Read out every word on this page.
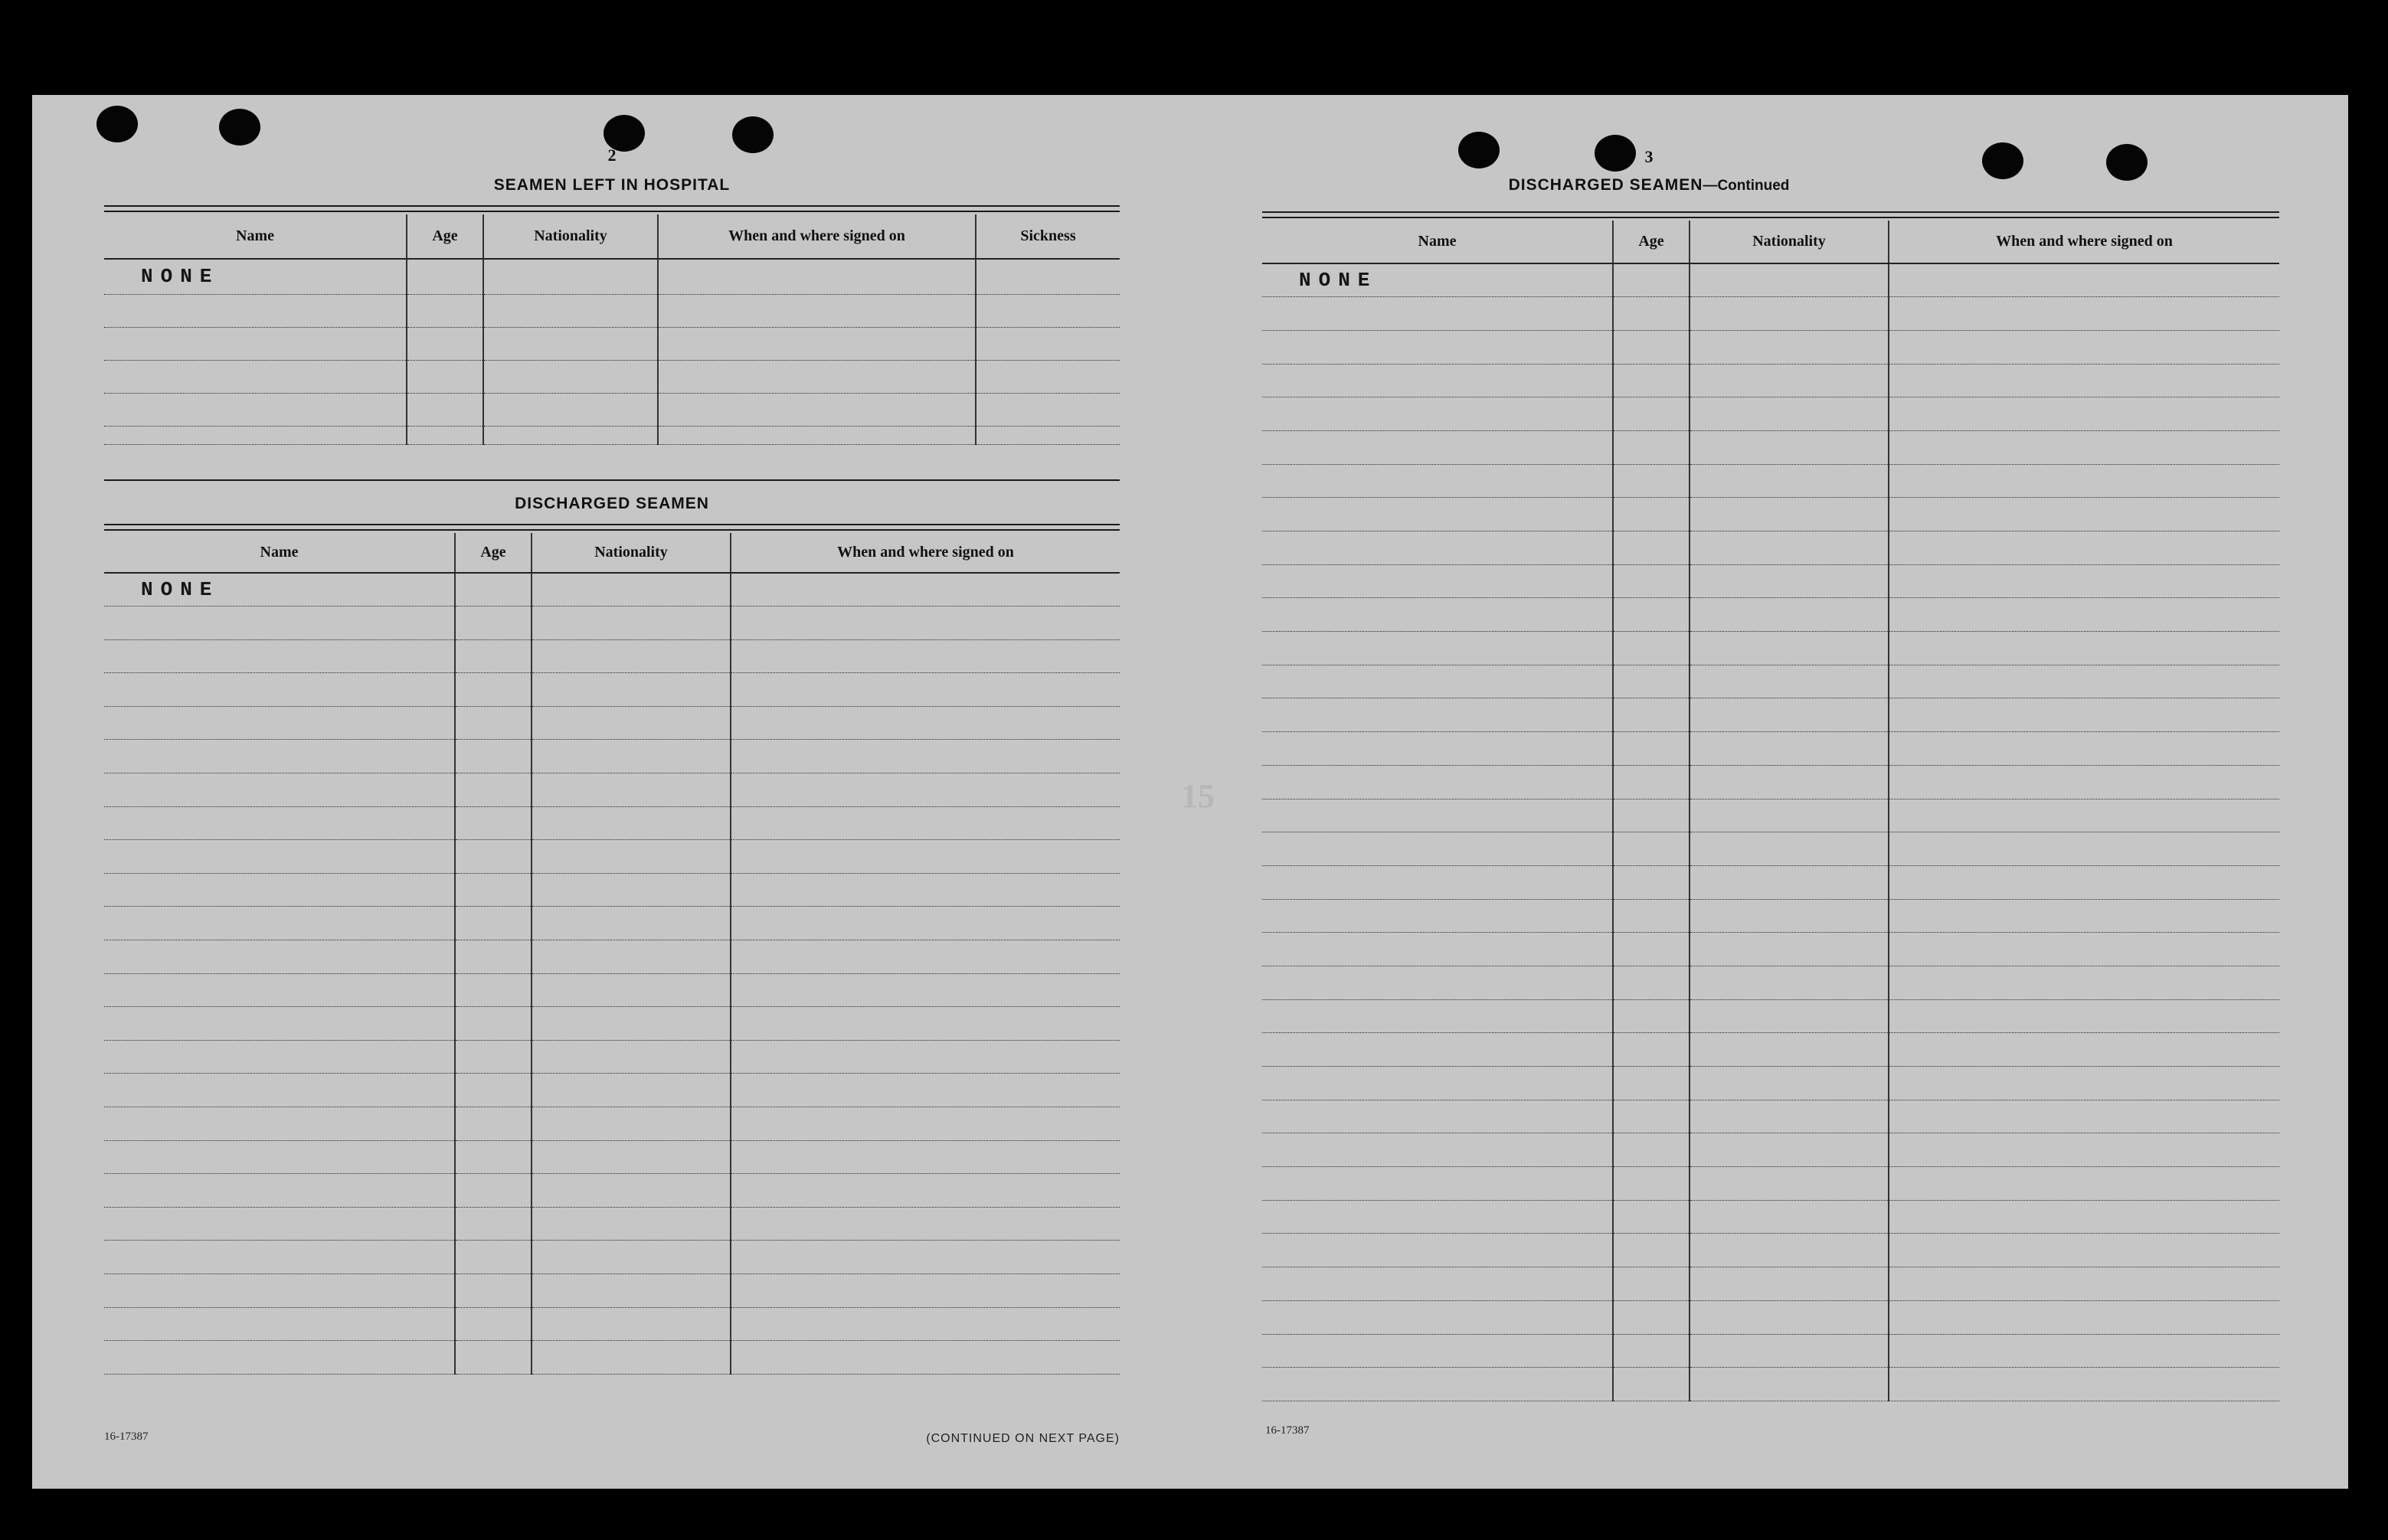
15
2
SEAMEN LEFT IN HOSPITAL
Name	Age	Nationality	When and where signed on	Sickness
NONE				

DISCHARGED SEAMEN
Name	Age	Nationality	When and where signed on
NONE			

16-17387	(CONTINUED ON NEXT PAGE)
3
DISCHARGED SEAMEN—Continued
Name	Age	Nationality	When and where signed on
NONE			

16-17387
